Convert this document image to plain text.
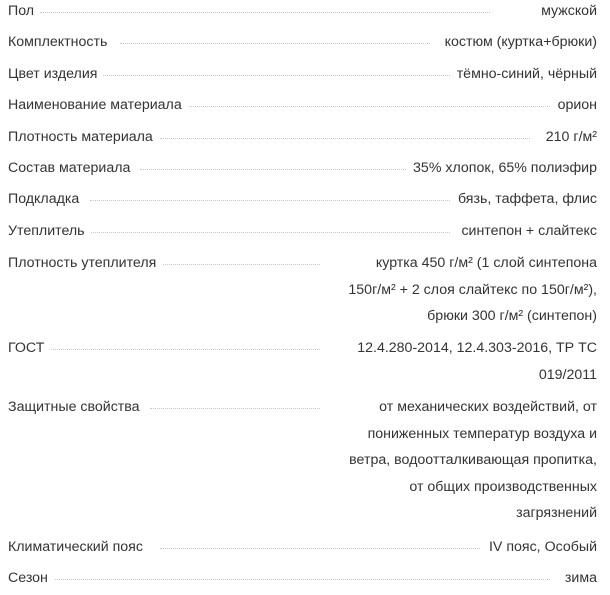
Пол	мужской
Комплектность	костюм (куртка+брюки)
Цвет изделия	тёмно-синий, чёрный
Наименование материала	орион
Плотность материала	210 г/м²
Состав материала	35% хлопок, 65% полиэфир
Подкладка	бязь, таффета, флис
Утеплитель	синтепон + слайтекс
Плотность утеплителя	куртка 450 г/м² (1 слой синтепона
150г/м² + 2 слоя слайтекс по 150г/м²),
брюки 300 г/м² (синтепон)
ГОСТ	12.4.280-2014, 12.4.303-2016, ТР ТС
019/2011
Защитные свойства	от механических воздействий, от
пониженных температур воздуха и
ветра, водоотталкивающая пропитка,
от общих производственных
загрязнений
Климатический пояс	IV пояс, Особый
Сезон	зима
